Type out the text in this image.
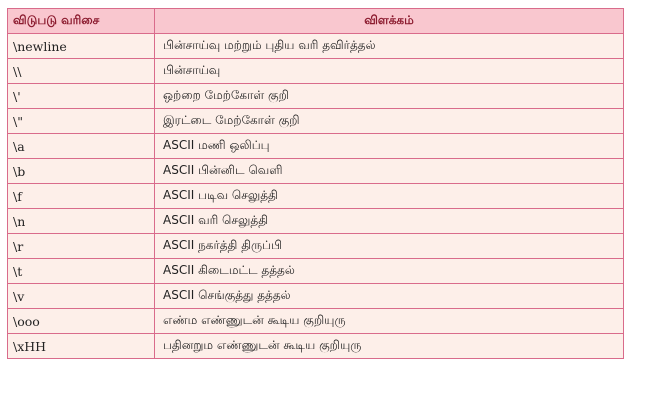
விடுபடு வரிசை	விளக்கம்
\newline	பின்சாய்வு மற்றும் புதிய வரி தவிர்த்தல்
\\	பின்சாய்வு
\'	ஒற்றை மேற்கோள் குறி
\"	இரட்டை மேற்கோள் குறி
\a	ASCII மணி ஒலிப்பு
\b	ASCII பின்னிட வெளி
\f	ASCII படிவ செலுத்தி
\n	ASCII வரி செலுத்தி
\r	ASCII நகர்த்தி திருப்பி
\t	ASCII கிடைமட்ட தத்தல்
\v	ASCII செங்குத்து தத்தல்
\ooo	எண்ம எண்ணுடன் கூடிய குறியுரு
\xHH	பதினறும எண்ணுடன் கூடிய குறியுரு
